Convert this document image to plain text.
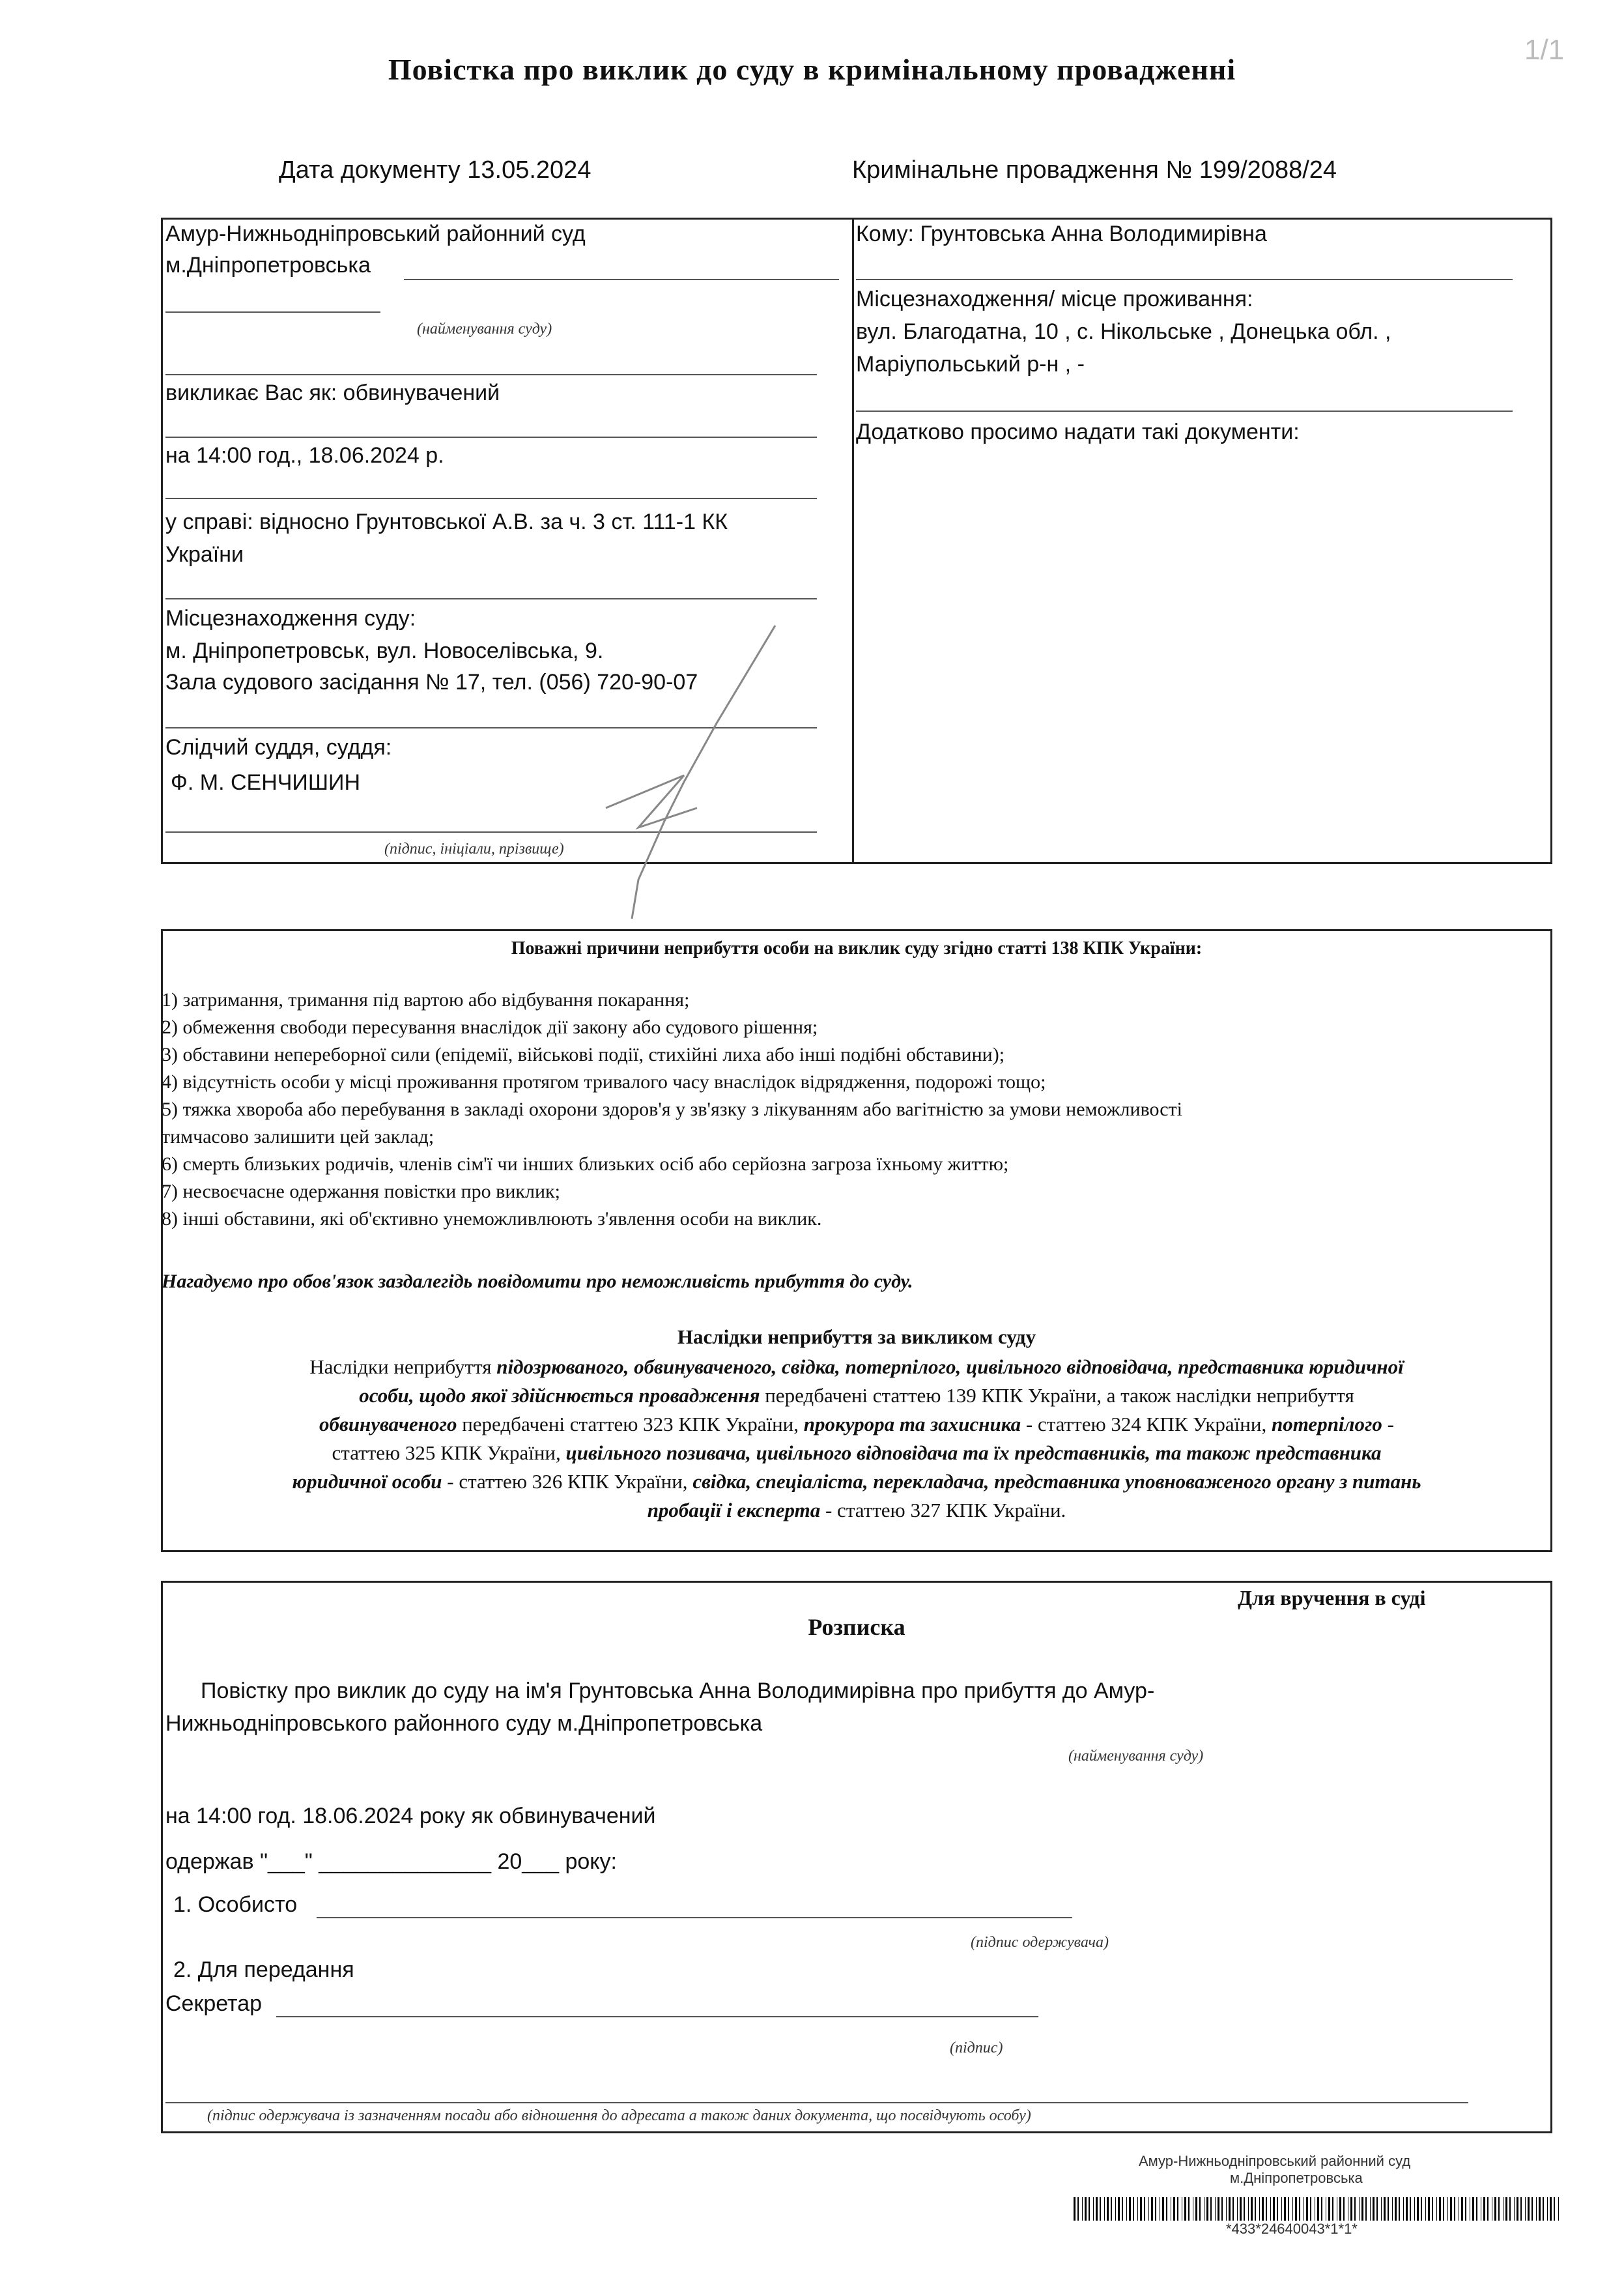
1/1
Повістка про виклик до суду в кримінальному провадженні
Дата документу 13.05.2024	Кримінальне провадження № 199/2088/24
Амур-Нижньодніпровський районний суд
м.Дніпропетровська
(найменування суду)
викликає Вас як: обвинувачений
на 14:00 год., 18.06.2024 р.
у справі: відносно Грунтовської А.В. за ч. 3 ст. 111-1 КК
України
Місцезнаходження суду:
м. Дніпропетровськ, вул. Новоселівська, 9.
Зала судового засідання № 17, тел. (056) 720-90-07
Слідчий суддя, суддя:
Ф. М. СЕНЧИШИН
(підпис, ініціали, прізвище)
Кому: Грунтовська Анна Володимирівна
Місцезнаходження/ місце проживання:
вул. Благодатна, 10 , с. Нікольське , Донецька обл. ,
Маріупольський р-н , -
Додатково просимо надати такі документи:
Поважні причини неприбуття особи на виклик суду згідно статті 138 КПК України:
1) затримання, тримання під вартою або відбування покарання;
2) обмеження свободи пересування внаслідок дії закону або судового рішення;
3) обставини непереборної сили (епідемії, військові події, стихійні лиха або інші подібні обставини);
4) відсутність особи у місці проживання протягом тривалого часу внаслідок відрядження, подорожі тощо;
5) тяжка хвороба або перебування в закладі охорони здоров'я у зв'язку з лікуванням або вагітністю за умови неможливості
тимчасово залишити цей заклад;
6) смерть близьких родичів, членів сім'ї чи інших близьких осіб або серйозна загроза їхньому життю;
7) несвоєчасне одержання повістки про виклик;
8) інші обставини, які об'єктивно унеможливлюють з'явлення особи на виклик.
Нагадуємо про обов'язок заздалегідь повідомити про неможливість прибуття до суду.
Наслідки неприбуття за викликом суду
Наслідки неприбуття підозрюваного, обвинуваченого, свідка, потерпілого, цивільного відповідача, представника юридичної
особи, щодо якої здійснюється провадження передбачені статтею 139 КПК України, а також наслідки неприбуття
обвинуваченого передбачені статтею 323 КПК України, прокурора та захисника - статтею 324 КПК України, потерпілого -
статтею 325 КПК України, цивільного позивача, цивільного відповідача та їх представників, та також представника
юридичної особи - статтею 326 КПК України, свідка, спеціаліста, перекладача, представника уповноваженого органу з питань
пробації і експерта - статтею 327 КПК України.
Для вручення в суді
Розписка
Повістку про виклик до суду на ім'я Грунтовська Анна Володимирівна про прибуття до Амур-
Нижньодніпровського районного суду м.Дніпропетровська
(найменування суду)
на 14:00 год. 18.06.2024 року як обвинувачений
одержав "___" ______________ 20___ року:
1. Особисто
(підпис одержувача)
2. Для передання
Секретар
(підпис)
(підпис одержувача із зазначенням посади або відношення до адресата а також даних документа, що посвідчують особу)
Амур-Нижньодніпровський районний суд
м.Дніпропетровська
*433*24640043*1*1*
